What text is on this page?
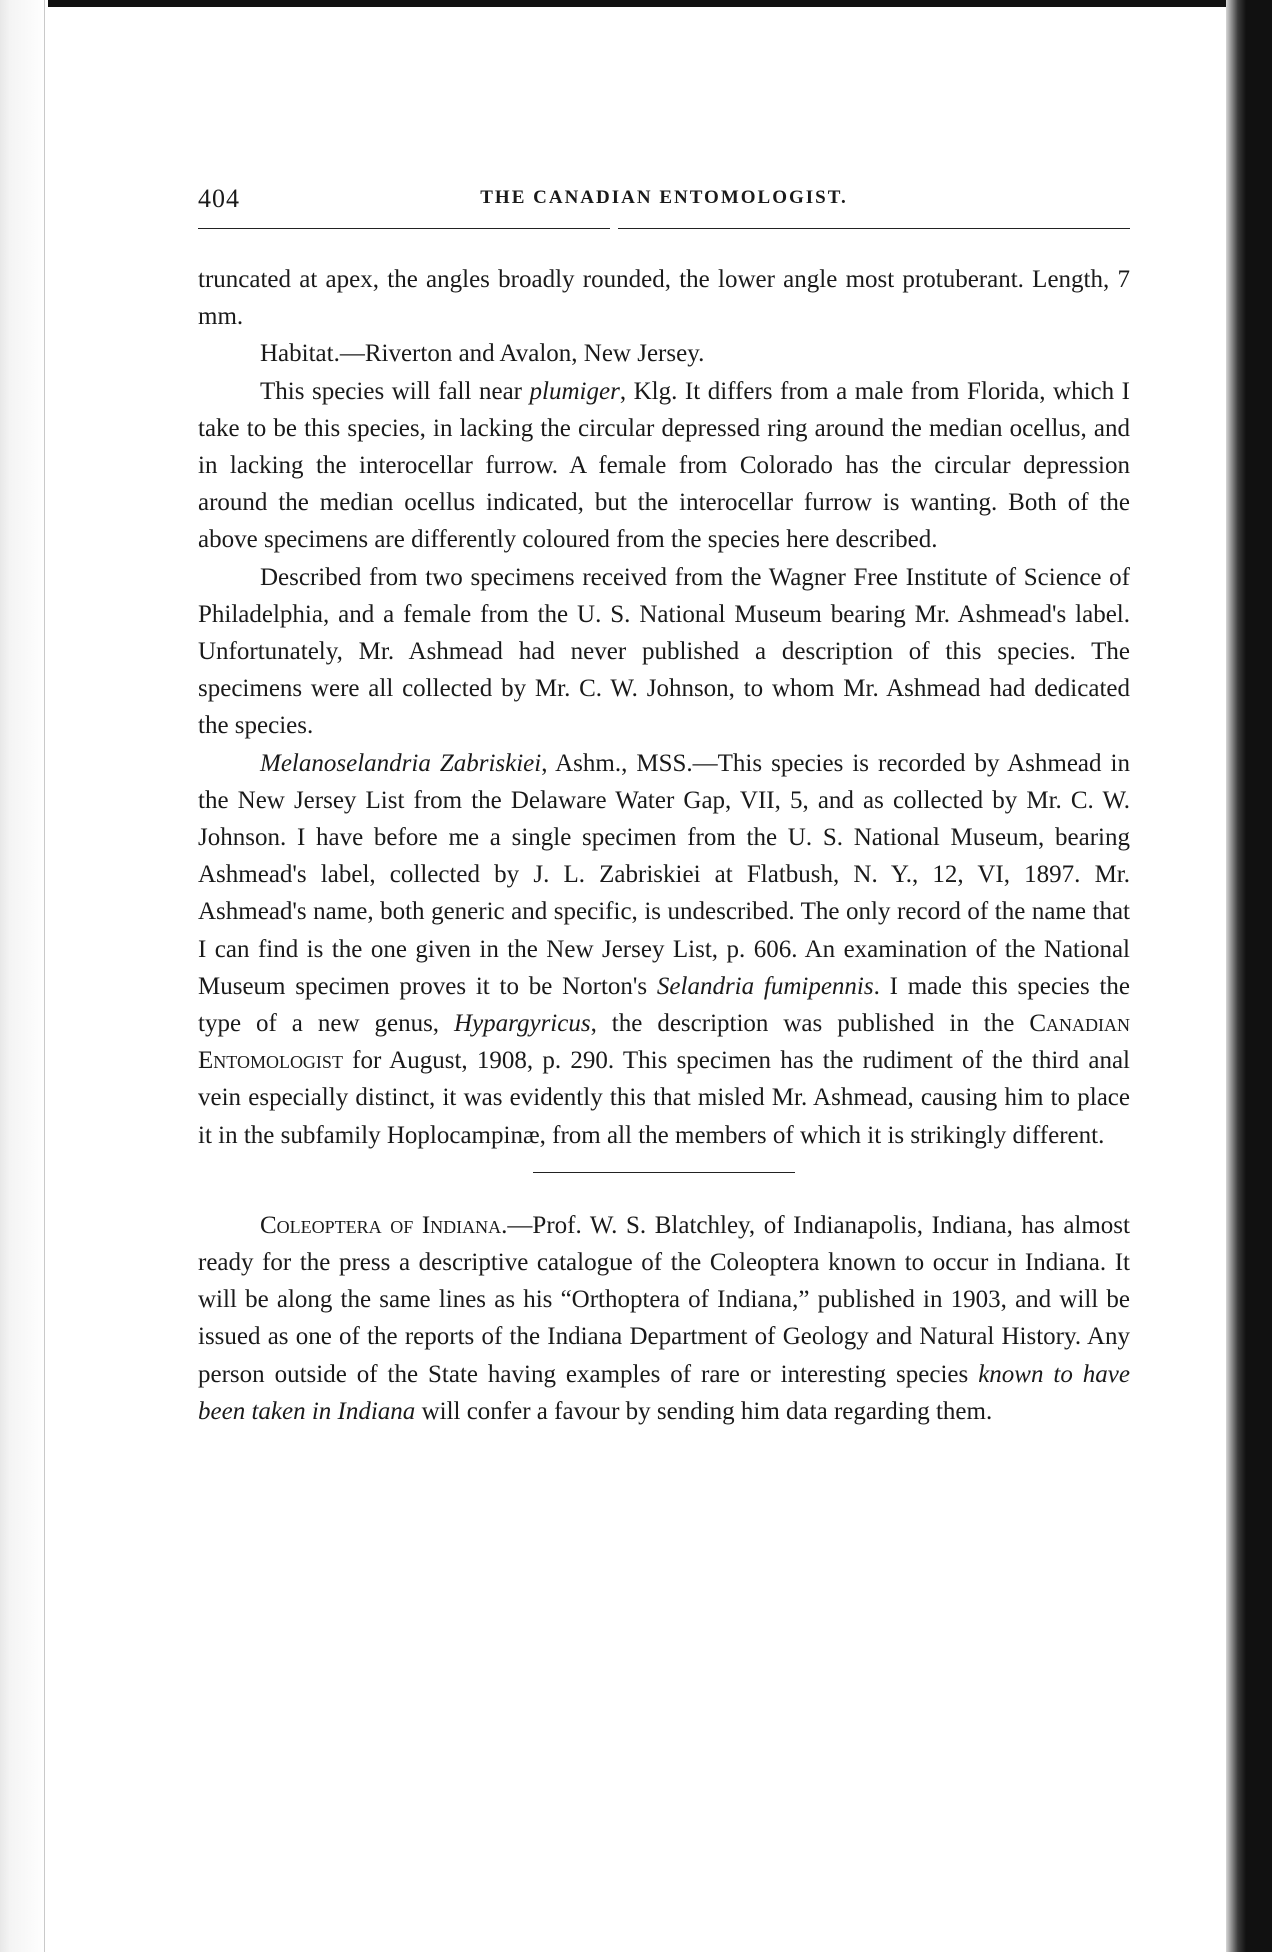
404	THE CANADIAN ENTOMOLOGIST.

truncated at apex, the angles broadly rounded, the lower angle most protuberant. Length, 7 mm.

Habitat.—Riverton and Avalon, New Jersey.

This species will fall near plumiger, Klg. It differs from a male from Florida, which I take to be this species, in lacking the circular depressed ring around the median ocellus, and in lacking the interocellar furrow. A female from Colorado has the circular depression around the median ocellus indicated, but the interocellar furrow is wanting. Both of the above specimens are differently coloured from the species here described.

Described from two specimens received from the Wagner Free Institute of Science of Philadelphia, and a female from the U. S. National Museum bearing Mr. Ashmead's label. Unfortunately, Mr. Ashmead had never published a description of this species. The specimens were all collected by Mr. C. W. Johnson, to whom Mr. Ashmead had dedicated the species.

Melanoselandria Zabriskiei, Ashm., MSS.—This species is recorded by Ashmead in the New Jersey List from the Delaware Water Gap, VII, 5, and as collected by Mr. C. W. Johnson. I have before me a single specimen from the U. S. National Museum, bearing Ashmead's label, collected by J. L. Zabriskiei at Flatbush, N. Y., 12, VI, 1897. Mr. Ashmead's name, both generic and specific, is undescribed. The only record of the name that I can find is the one given in the New Jersey List, p. 606. An examination of the National Museum specimen proves it to be Norton's Selandria fumipennis. I made this species the type of a new genus, Hypargyricus, the description was published in the Canadian Entomologist for August, 1908, p. 290. This specimen has the rudiment of the third anal vein especially distinct, it was evidently this that misled Mr. Ashmead, causing him to place it in the subfamily Hoplocampinæ, from all the members of which it is strikingly different.

Coleoptera of Indiana.—Prof. W. S. Blatchley, of Indianapolis, Indiana, has almost ready for the press a descriptive catalogue of the Coleoptera known to occur in Indiana. It will be along the same lines as his “Orthoptera of Indiana,” published in 1903, and will be issued as one of the reports of the Indiana Department of Geology and Natural History. Any person outside of the State having examples of rare or interesting species known to have been taken in Indiana will confer a favour by sending him data regarding them.
